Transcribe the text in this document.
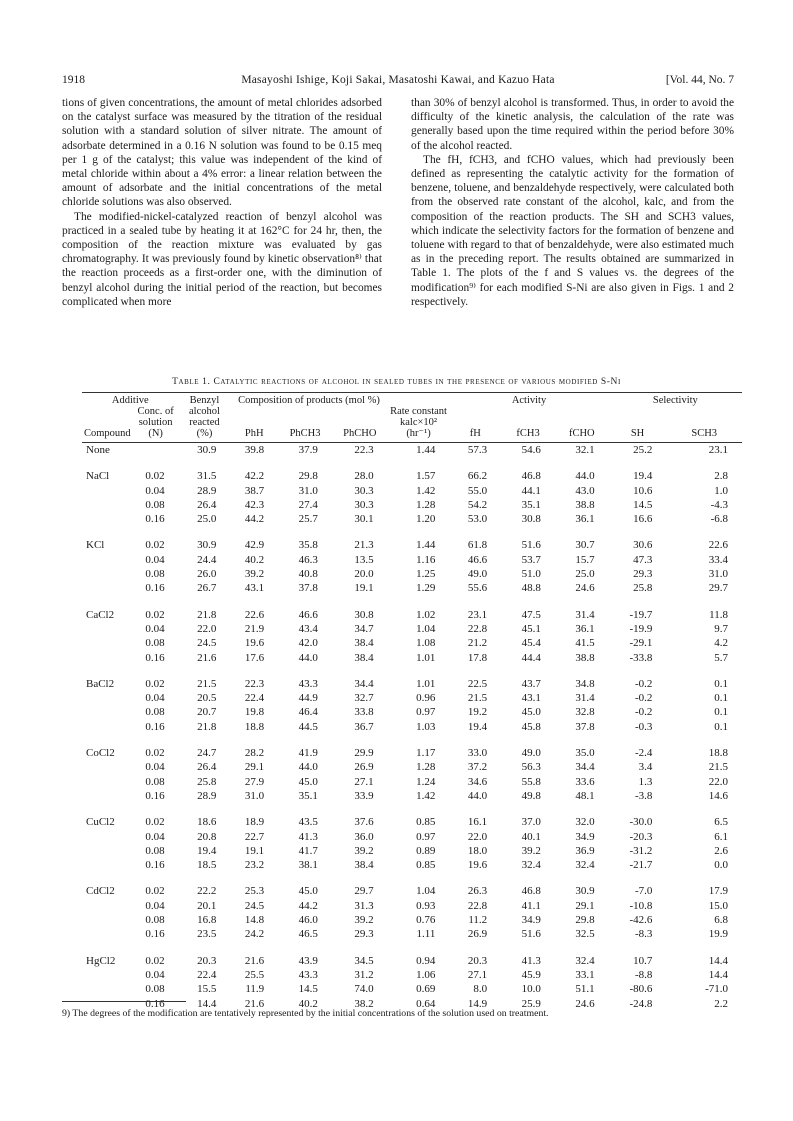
1918	Masayoshi Ishige, Koji Sakai, Masatoshi Kawai, and Kazuo Hata	[Vol. 44, No. 7

tions of given concentrations, the amount of metal chlorides adsorbed on the catalyst surface was measured by the titration of the residual solution with a standard solution of silver nitrate. The amount of adsorbate determined in a 0.16 N solution was found to be 0.15 meq per 1 g of the catalyst; this value was independent of the kind of metal chloride within about a 4% error: a linear relation between the amount of adsorbate and the initial concentrations of the metal chloride solutions was also observed.

The modified-nickel-catalyzed reaction of benzyl alcohol was practiced in a sealed tube by heating it at 162°C for 24 hr, then, the composition of the reaction mixture was evaluated by gas chromatography. It was previously found by kinetic observation⁸⁾ that the reaction proceeds as a first-order one, with the diminution of benzyl alcohol during the initial period of the reaction, but becomes complicated when more

than 30% of benzyl alcohol is transformed. Thus, in order to avoid the difficulty of the kinetic analysis, the calculation of the rate was generally based upon the time required within the period before 30% of the alcohol reacted.

The fH, fCH3, and fCHO values, which had previously been defined as representing the catalytic activity for the formation of benzene, toluene, and benzaldehyde respectively, were calculated both from the observed rate constant of the alcohol, kalc, and from the composition of the reaction products. The SH and SCH3 values, which indicate the selectivity factors for the formation of benzene and toluene with regard to that of benzaldehyde, were also estimated much as in the preceding report. The results obtained are summarized in Table 1. The plots of the f and S values vs. the degrees of the modification⁹⁾ for each modified S-Ni are also given in Figs. 1 and 2 respectively.

Table 1. Catalytic reactions of alcohol in sealed tubes in the presence of various modified S-Ni
Additive		Benzyl alcohol reacted (%)	Composition of products (mol %)			Rate constant kalc×10² (hr⁻¹)	Activity			Selectivity	
Compound	Conc. of solution (N)										
			PhH	PhCH3	PhCHO		fH	fCH3	fCHO	SH	SCH3

None		30.9	39.8	37.9	22.3	1.44	57.3	54.6	32.1	25.2	23.1

NaCl	0.02	31.5	42.2	29.8	28.0	1.57	66.2	46.8	44.0	19.4	2.8
	0.04	28.9	38.7	31.0	30.3	1.42	55.0	44.1	43.0	10.6	1.0
	0.08	26.4	42.3	27.4	30.3	1.28	54.2	35.1	38.8	14.5	-4.3
	0.16	25.0	44.2	25.7	30.1	1.20	53.0	30.8	36.1	16.6	-6.8

KCl	0.02	30.9	42.9	35.8	21.3	1.44	61.8	51.6	30.7	30.6	22.6
	0.04	24.4	40.2	46.3	13.5	1.16	46.6	53.7	15.7	47.3	33.4
	0.08	26.0	39.2	40.8	20.0	1.25	49.0	51.0	25.0	29.3	31.0
	0.16	26.7	43.1	37.8	19.1	1.29	55.6	48.8	24.6	25.8	29.7

CaCl2	0.02	21.8	22.6	46.6	30.8	1.02	23.1	47.5	31.4	-19.7	11.8
	0.04	22.0	21.9	43.4	34.7	1.04	22.8	45.1	36.1	-19.9	9.7
	0.08	24.5	19.6	42.0	38.4	1.08	21.2	45.4	41.5	-29.1	4.2
	0.16	21.6	17.6	44.0	38.4	1.01	17.8	44.4	38.8	-33.8	5.7

BaCl2	0.02	21.5	22.3	43.3	34.4	1.01	22.5	43.7	34.8	-0.2	0.1
	0.04	20.5	22.4	44.9	32.7	0.96	21.5	43.1	31.4	-0.2	0.1
	0.08	20.7	19.8	46.4	33.8	0.97	19.2	45.0	32.8	-0.2	0.1
	0.16	21.8	18.8	44.5	36.7	1.03	19.4	45.8	37.8	-0.3	0.1

CoCl2	0.02	24.7	28.2	41.9	29.9	1.17	33.0	49.0	35.0	-2.4	18.8
	0.04	26.4	29.1	44.0	26.9	1.28	37.2	56.3	34.4	3.4	21.5
	0.08	25.8	27.9	45.0	27.1	1.24	34.6	55.8	33.6	1.3	22.0
	0.16	28.9	31.0	35.1	33.9	1.42	44.0	49.8	48.1	-3.8	14.6

CuCl2	0.02	18.6	18.9	43.5	37.6	0.85	16.1	37.0	32.0	-30.0	6.5
	0.04	20.8	22.7	41.3	36.0	0.97	22.0	40.1	34.9	-20.3	6.1
	0.08	19.4	19.1	41.7	39.2	0.89	18.0	39.2	36.9	-31.2	2.6
	0.16	18.5	23.2	38.1	38.4	0.85	19.6	32.4	32.4	-21.7	0.0

CdCl2	0.02	22.2	25.3	45.0	29.7	1.04	26.3	46.8	30.9	-7.0	17.9
	0.04	20.1	24.5	44.2	31.3	0.93	22.8	41.1	29.1	-10.8	15.0
	0.08	16.8	14.8	46.0	39.2	0.76	11.2	34.9	29.8	-42.6	6.8
	0.16	23.5	24.2	46.5	29.3	1.11	26.9	51.6	32.5	-8.3	19.9

HgCl2	0.02	20.3	21.6	43.9	34.5	0.94	20.3	41.3	32.4	10.7	14.4
	0.04	22.4	25.5	43.3	31.2	1.06	27.1	45.9	33.1	-8.8	14.4
	0.08	15.5	11.9	14.5	74.0	0.69	8.0	10.0	51.1	-80.6	-71.0
	0.16	14.4	21.6	40.2	38.2	0.64	14.9	25.9	24.6	-24.8	2.2
9) The degrees of the modification are tentatively represented by the initial concentrations of the solution used on treatment.
